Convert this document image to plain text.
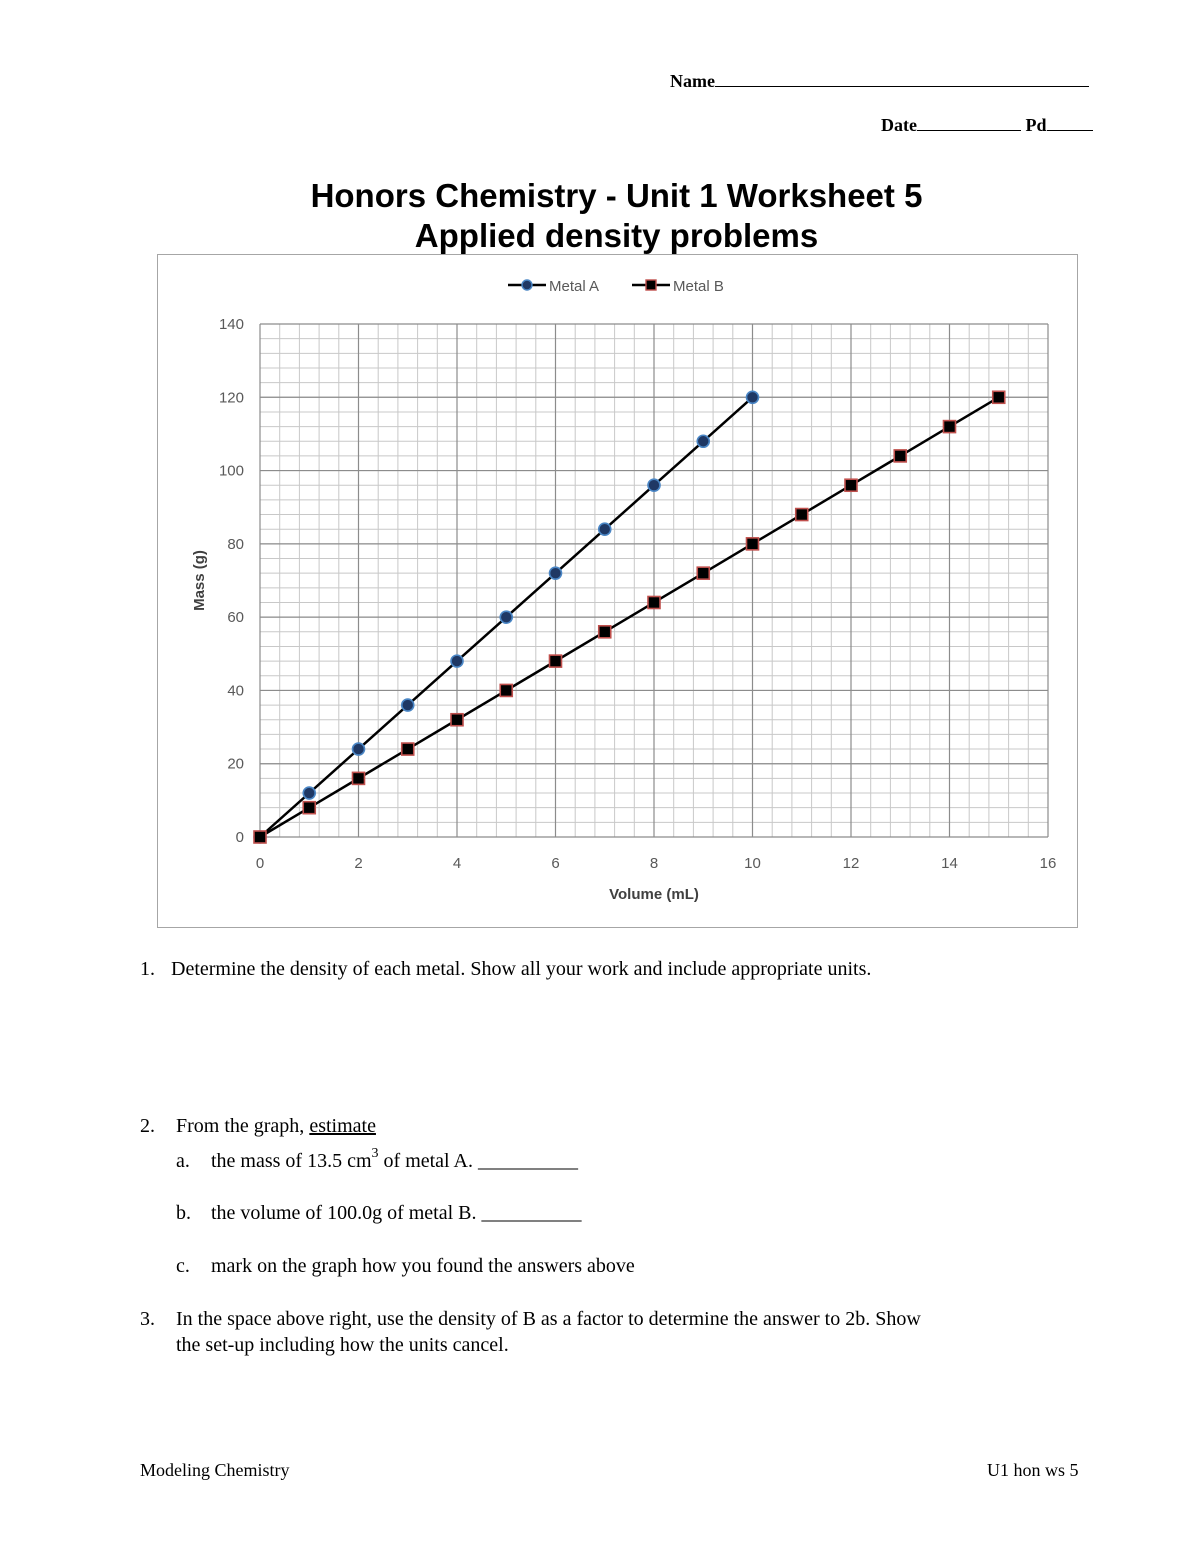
Name
Date	Pd
Honors Chemistry - Unit 1 Worksheet 5
Applied density problems
0	2	4	6	8	10	12	14	16
0
20
40
60
80
100
120
140
Volume (mL)
Mass (g)
Metal A	Metal B
1. Determine the density of each metal. Show all your work and include appropriate units.
2. From the graph, estimate
a. the mass of 13.5 $cm^3$ of metal A. __________
b. the volume of 100.0g of metal B. __________
c. mark on the graph how you found the answers above
3. In the space above right, use the density of B as a factor to determine the answer to 2b. Show
the set-up including how the units cancel.
Modeling Chemistry	U1 hon ws 5
